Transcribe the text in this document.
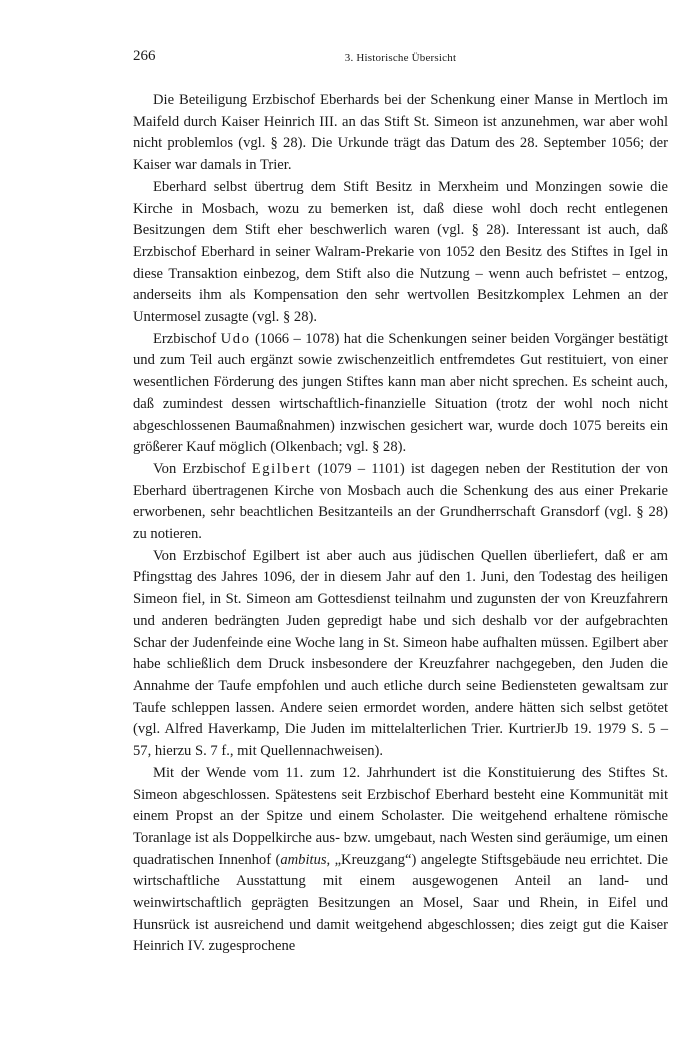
266	3. Historische Übersicht

Die Beteiligung Erzbischof Eberhards bei der Schenkung einer Manse in Mertloch im Maifeld durch Kaiser Heinrich III. an das Stift St. Simeon ist anzunehmen, war aber wohl nicht problemlos (vgl. § 28). Die Urkunde trägt das Datum des 28. September 1056; der Kaiser war damals in Trier.

Eberhard selbst übertrug dem Stift Besitz in Merxheim und Monzingen sowie die Kirche in Mosbach, wozu zu bemerken ist, daß diese wohl doch recht entlegenen Besitzungen dem Stift eher beschwerlich waren (vgl. § 28). Interessant ist auch, daß Erzbischof Eberhard in seiner Walram-Prekarie von 1052 den Besitz des Stiftes in Igel in diese Transaktion einbezog, dem Stift also die Nutzung – wenn auch befristet – entzog, anderseits ihm als Kompensation den sehr wertvollen Besitzkomplex Lehmen an der Untermosel zusagte (vgl. § 28).

Erzbischof Udo (1066 – 1078) hat die Schenkungen seiner beiden Vorgänger bestätigt und zum Teil auch ergänzt sowie zwischenzeitlich entfremdetes Gut restituiert, von einer wesentlichen Förderung des jungen Stiftes kann man aber nicht sprechen. Es scheint auch, daß zumindest dessen wirtschaftlich-finanzielle Situation (trotz der wohl noch nicht abgeschlossenen Baumaßnahmen) inzwischen gesichert war, wurde doch 1075 bereits ein größerer Kauf möglich (Olkenbach; vgl. § 28).

Von Erzbischof Egilbert (1079 – 1101) ist dagegen neben der Restitution der von Eberhard übertragenen Kirche von Mosbach auch die Schenkung des aus einer Prekarie erworbenen, sehr beachtlichen Besitzanteils an der Grundherrschaft Gransdorf (vgl. § 28) zu notieren.

Von Erzbischof Egilbert ist aber auch aus jüdischen Quellen überliefert, daß er am Pfingsttag des Jahres 1096, der in diesem Jahr auf den 1. Juni, den Todestag des heiligen Simeon fiel, in St. Simeon am Gottesdienst teilnahm und zugunsten der von Kreuzfahrern und anderen bedrängten Juden gepredigt habe und sich deshalb vor der aufgebrachten Schar der Judenfeinde eine Woche lang in St. Simeon habe aufhalten müssen. Egilbert aber habe schließlich dem Druck insbesondere der Kreuzfahrer nachgegeben, den Juden die Annahme der Taufe empfohlen und auch etliche durch seine Bediensteten gewaltsam zur Taufe schleppen lassen. Andere seien ermordet worden, andere hätten sich selbst getötet (vgl. Alfred Haverkamp, Die Juden im mittelalterlichen Trier. KurtrierJb 19. 1979 S. 5 – 57, hierzu S. 7 f., mit Quellennachweisen).

Mit der Wende vom 11. zum 12. Jahrhundert ist die Konstituierung des Stiftes St. Simeon abgeschlossen. Spätestens seit Erzbischof Eberhard besteht eine Kommunität mit einem Propst an der Spitze und einem Scholaster. Die weitgehend erhaltene römische Toranlage ist als Doppelkirche aus- bzw. umgebaut, nach Westen sind geräumige, um einen quadratischen Innenhof (ambitus, „Kreuzgang“) angelegte Stiftsgebäude neu errichtet. Die wirtschaftliche Ausstattung mit einem ausgewogenen Anteil an land- und weinwirtschaftlich geprägten Besitzungen an Mosel, Saar und Rhein, in Eifel und Hunsrück ist ausreichend und damit weitgehend abgeschlossen; dies zeigt gut die Kaiser Heinrich IV. zugesprochene
